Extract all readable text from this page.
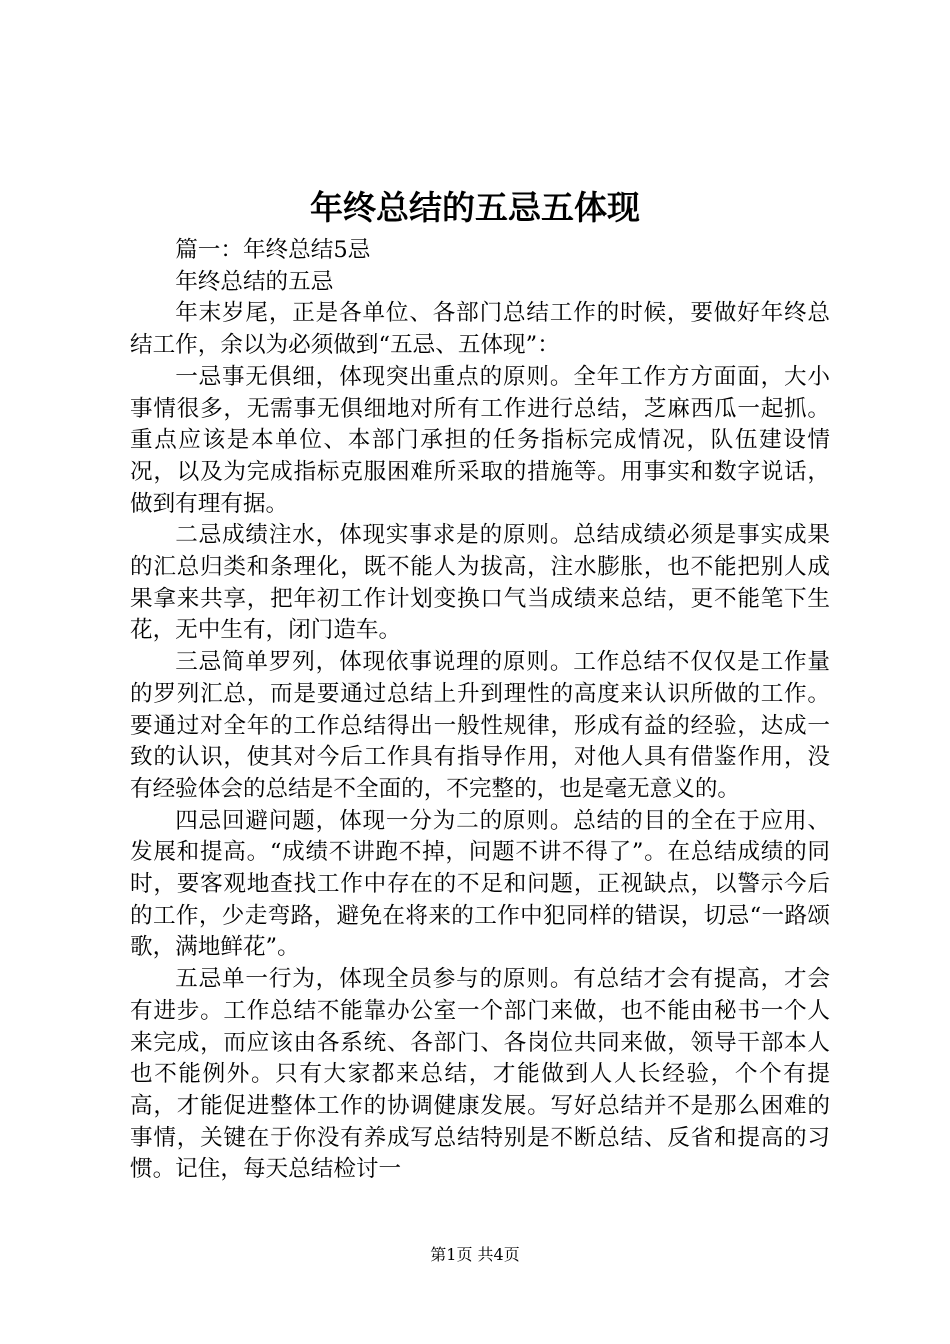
年终总结的五忌五体现

篇一：年终总结5忌

年终总结的五忌

年末岁尾，正是各单位、各部门总结工作的时候，要做好年终总结工作，余以为必须做到“五忌、五体现”：

一忌事无俱细，体现突出重点的原则。全年工作方方面面，大小事情很多，无需事无俱细地对所有工作进行总结，芝麻西瓜一起抓。重点应该是本单位、本部门承担的任务指标完成情况，队伍建设情况，以及为完成指标克服困难所采取的措施等。用事实和数字说话，做到有理有据。

二忌成绩注水，体现实事求是的原则。总结成绩必须是事实成果的汇总归类和条理化，既不能人为拔高，注水膨胀，也不能把别人成果拿来共享，把年初工作计划变换口气当成绩来总结，更不能笔下生花，无中生有，闭门造车。

三忌简单罗列，体现依事说理的原则。工作总结不仅仅是工作量的罗列汇总，而是要通过总结上升到理性的高度来认识所做的工作。要通过对全年的工作总结得出一般性规律，形成有益的经验，达成一致的认识，使其对今后工作具有指导作用，对他人具有借鉴作用，没有经验体会的总结是不全面的，不完整的，也是毫无意义的。

四忌回避问题，体现一分为二的原则。总结的目的全在于应用、发展和提高。“成绩不讲跑不掉，问题不讲不得了”。在总结成绩的同时，要客观地查找工作中存在的不足和问题，正视缺点，以警示今后的工作，少走弯路，避免在将来的工作中犯同样的错误，切忌“一路颂歌，满地鲜花”。

五忌单一行为，体现全员参与的原则。有总结才会有提高，才会有进步。工作总结不能靠办公室一个部门来做，也不能由秘书一个人来完成，而应该由各系统、各部门、各岗位共同来做，领导干部本人也不能例外。只有大家都来总结，才能做到人人长经验，个个有提高，才能促进整体工作的协调健康发展。写好总结并不是那么困难的事情，关键在于你没有养成写总结特别是不断总结、反省和提高的习惯。记住，每天总结检讨一

第1页 共4页
